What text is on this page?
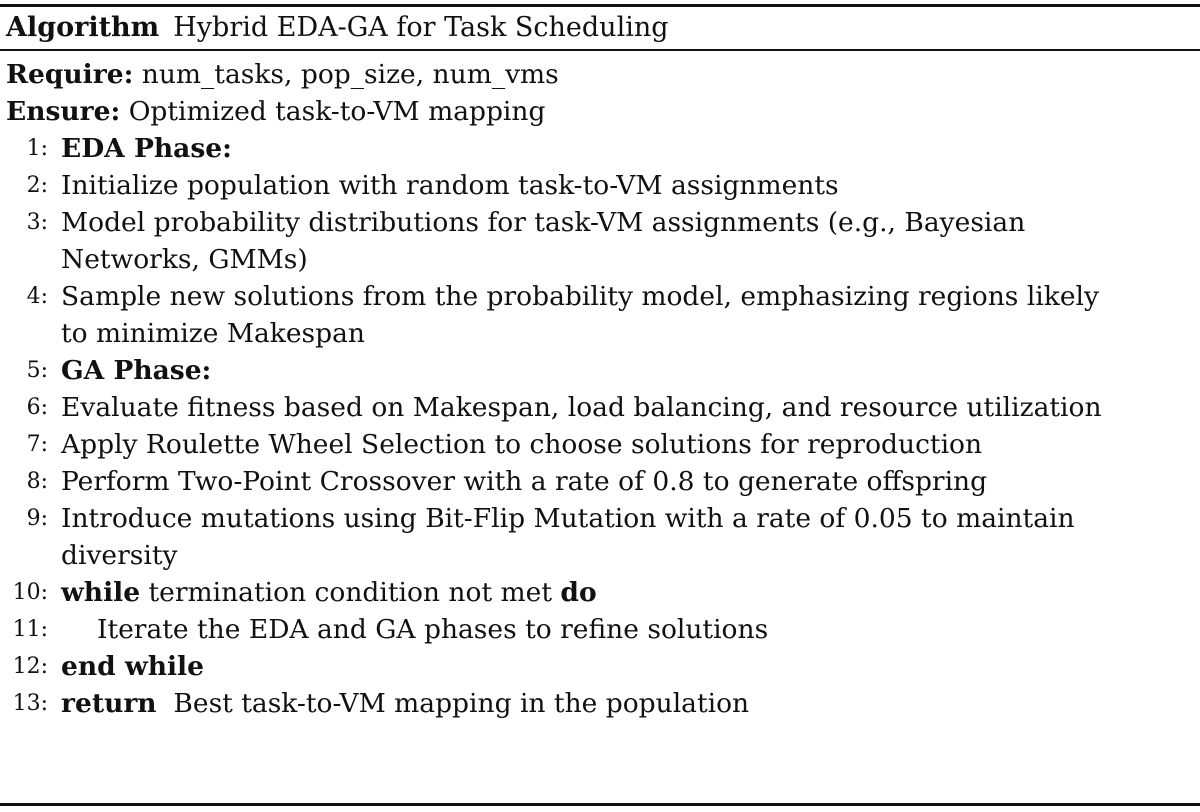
Algorithm Hybrid EDA-GA for Task Scheduling
Require: num_tasks, pop_size, num_vms
Ensure: Optimized task-to-VM mapping
1: EDA Phase:
2: Initialize population with random task-to-VM assignments
3: Model probability distributions for task-VM assignments (e.g., Bayesian
Networks, GMMs)
4: Sample new solutions from the probability model, emphasizing regions likely
to minimize Makespan
5: GA Phase:
6: Evaluate fitness based on Makespan, load balancing, and resource utilization
7: Apply Roulette Wheel Selection to choose solutions for reproduction
8: Perform Two-Point Crossover with a rate of 0.8 to generate offspring
9: Introduce mutations using Bit-Flip Mutation with a rate of 0.05 to maintain
diversity
10: while termination condition not met do
11: Iterate the EDA and GA phases to refine solutions
12: end while
13: return Best task-to-VM mapping in the population
